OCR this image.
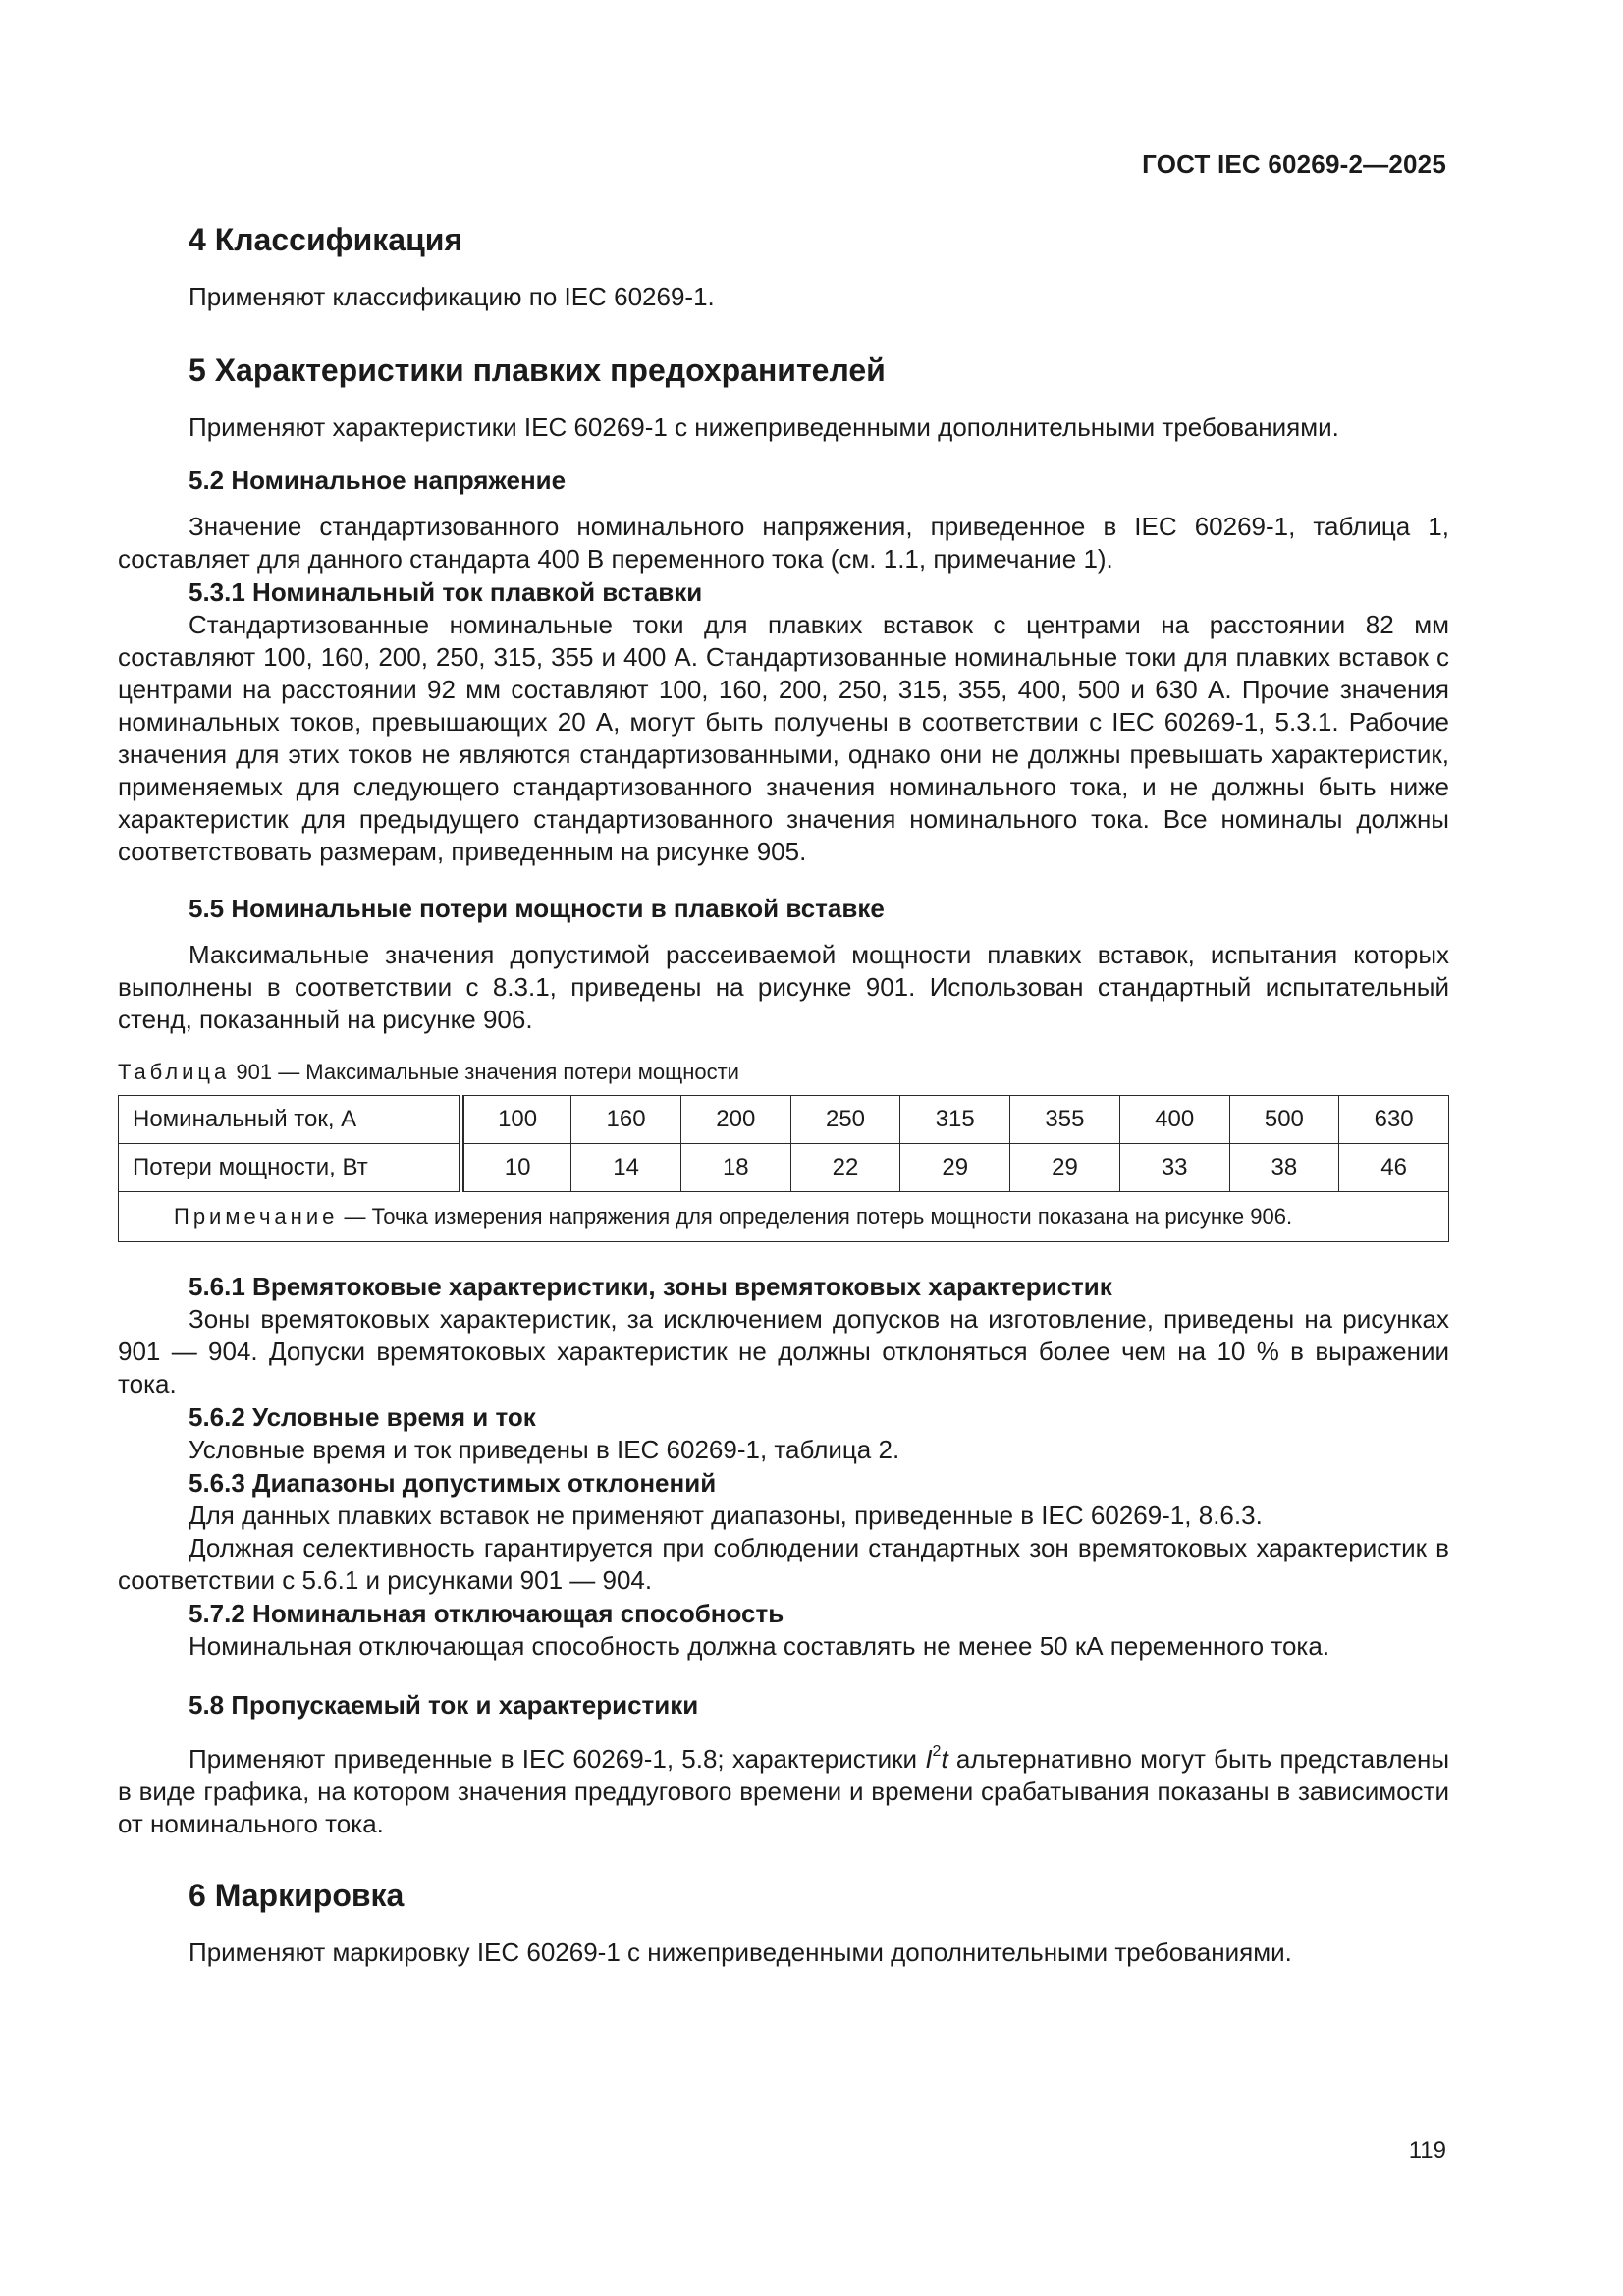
ГОСТ IEC 60269-2—2025
4 Классификация

Применяют классификацию по IEC 60269-1.

5 Характеристики плавких предохранителей

Применяют характеристики IEC 60269-1 с нижеприведенными дополнительными требованиями.

5.2 Номинальное напряжение

Значение стандартизованного номинального напряжения, приведенное в IEC 60269-1, таблица 1, составляет для данного стандарта 400 В переменного тока (см. 1.1, примечание 1).

5.3.1 Номинальный ток плавкой вставки

Стандартизованные номинальные токи для плавких вставок с центрами на расстоянии 82 мм составляют 100, 160, 200, 250, 315, 355 и 400 А. Стандартизованные номинальные токи для плавких вставок с центрами на расстоянии 92 мм составляют 100, 160, 200, 250, 315, 355, 400, 500 и 630 А. Прочие значения номинальных токов, превышающих 20 А, могут быть получены в соответствии с IEC 60269-1, 5.3.1. Рабочие значения для этих токов не являются стандартизованными, однако они не должны превышать характеристик, применяемых для следующего стандартизованного значения номинального тока, и не должны быть ниже характеристик для предыдущего стандартизованного значения номинального тока. Все номиналы должны соответствовать размерам, приведенным на рисунке 905.

5.5 Номинальные потери мощности в плавкой вставке

Максимальные значения допустимой рассеиваемой мощности плавких вставок, испытания которых выполнены в соответствии с 8.3.1, приведены на рисунке 901. Использован стандартный испытательный стенд, показанный на рисунке 906.

Таблица 901 — Максимальные значения потери мощности
Номинальный ток, А	100	160	200	250	315	355	400	500	630
Потери мощности, Вт	10	14	18	22	29	29	33	38	46
Примечание — Точка измерения напряжения для определения потерь мощности показана на рисунке 906.									
5.6.1 Времятоковые характеристики, зоны времятоковых характеристик

Зоны времятоковых характеристик, за исключением допусков на изготовление, приведены на рисунках 901 — 904. Допуски времятоковых характеристик не должны отклоняться более чем на 10 % в выражении тока.

5.6.2 Условные время и ток

Условные время и ток приведены в IEC 60269-1, таблица 2.

5.6.3 Диапазоны допустимых отклонений

Для данных плавких вставок не применяют диапазоны, приведенные в IEC 60269-1, 8.6.3.

Должная селективность гарантируется при соблюдении стандартных зон времятоковых характеристик в соответствии с 5.6.1 и рисунками 901 — 904.

5.7.2 Номинальная отключающая способность

Номинальная отключающая способность должна составлять не менее 50 кА переменного тока.

5.8 Пропускаемый ток и характеристики

Применяют приведенные в IEC 60269-1, 5.8; характеристики $I^2t$ альтернативно могут быть представлены в виде графика, на котором значения преддугового времени и времени срабатывания показаны в зависимости от номинального тока.

6 Маркировка

Применяют маркировку IEC 60269-1 с нижеприведенными дополнительными требованиями.

119
